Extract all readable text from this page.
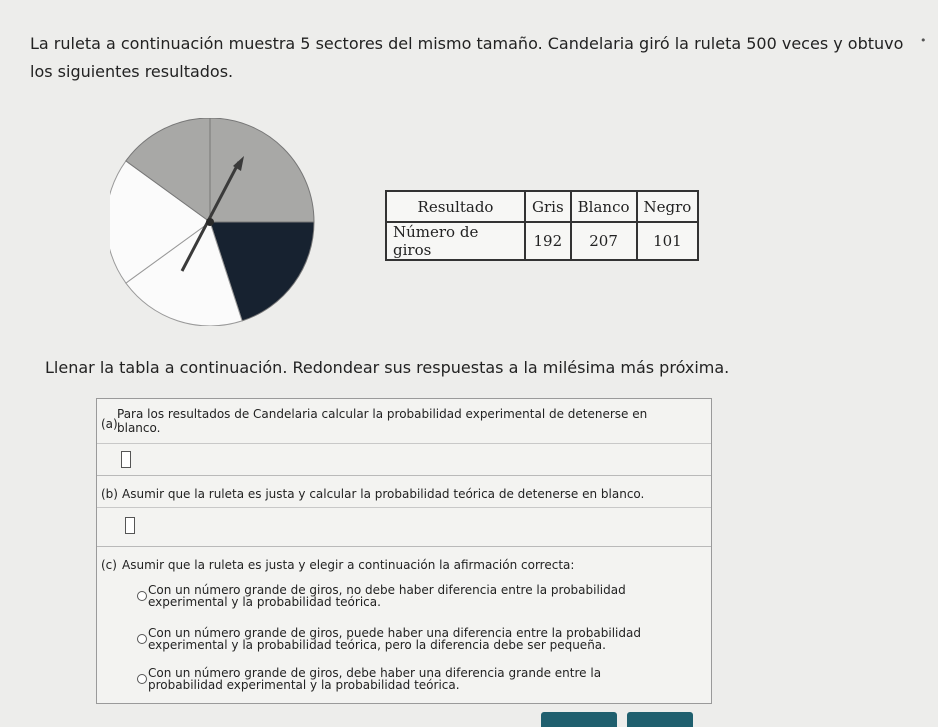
La ruleta a continuación muestra 5 sectores del mismo tamaño. Candelaria giró la ruleta 500 veces y obtuvo los siguientes resultados.

•
Resultado	Gris	Blanco	Negro
Número de giros	192	207	101

Llenar la tabla a continuación. Redondear sus respuestas a la milésima más próxima.

(a)
Para los resultados de Candelaria calcular la probabilidad experimental de detenerse en
blanco.
(b) Asumir que la ruleta es justa y calcular la probabilidad teórica de detenerse en blanco.
(c) Asumir que la ruleta es justa y elegir a continuación la afirmación correcta:
Con un número grande de giros, no debe haber diferencia entre la probabilidad
experimental y la probabilidad teórica.
Con un número grande de giros, puede haber una diferencia entre la probabilidad
experimental y la probabilidad teórica, pero la diferencia debe ser pequeña.
Con un número grande de giros, debe haber una diferencia grande entre la
probabilidad experimental y la probabilidad teórica.
